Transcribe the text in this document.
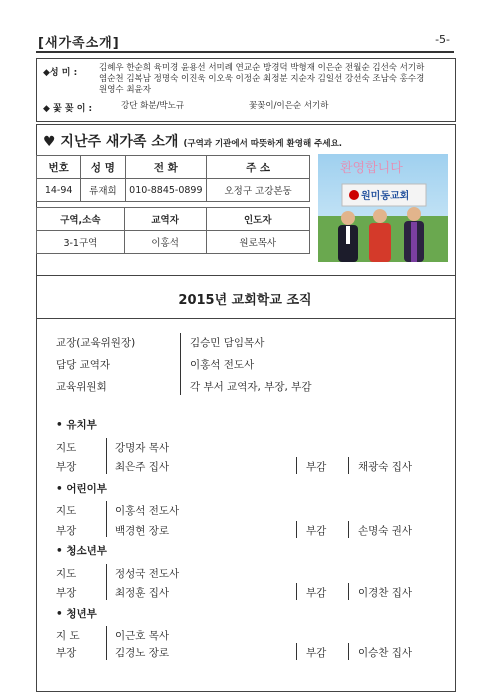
[새가족소개]	-5-
◆성 미 :	김혜우 한순희 육미경 윤용선 서미례 연교순 방경덕 박형재 이은순 전월순 김선숙 서기하
염순천 김복남 정명숙 이진욱 이오욱 이정순 최정분 지순자 김일선 강선숙 조남숙 홍수경
원영수 최윤자
◆ 꽃 꽂 이 :	강단 화분/박노규	꽃꽂이/이은순 서기하
♥ 지난주 새가족 소개 (구역과 기관에서 따뜻하게 환영해 주세요.
번호	성 명	전 화	주 소
14-94	류재희	010-8845-0899	오정구 고강본동
구역,소속	교역자	인도자
3-1구역	이홍석	원로목사
원미동교회
환영합니다
2015년 교회학교 조직
교장(교육위원장)	김승민 담임목사
담당 교역자	이홍석 전도사
교육위원회	각 부서 교역자, 부장, 부감
• 유치부
지도	강명자 목사
부장	최은주 집사	부감	채광숙 집사
• 어린이부
지도	이홍석 전도사
부장	백경현 장로	부감	손명숙 권사
• 청소년부
지도	정성국 전도사
부장	최정훈 집사	부감	이경찬 집사
• 청년부
지 도	이근호 목사
부장	김경노 장로	부감	이승찬 집사
